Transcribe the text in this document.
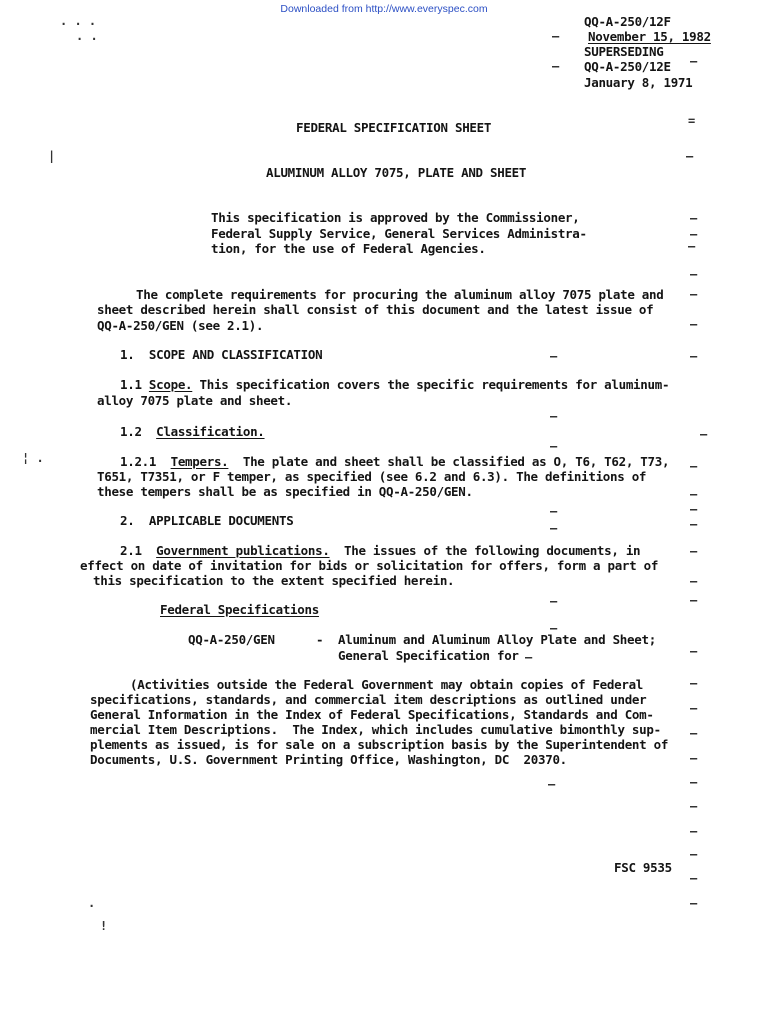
Downloaded from http://www.everyspec.com
QQ-A-250/12F
November 15, 1982
SUPERSEDING
QQ-A-250/12E
January 8, 1971
FEDERAL SPECIFICATION SHEET
ALUMINUM ALLOY 7075, PLATE AND SHEET
This specification is approved by the Commissioner,
Federal Supply Service, General Services Administra-
tion, for the use of Federal Agencies.
The complete requirements for procuring the aluminum alloy 7075 plate and
sheet described herein shall consist of this document and the latest issue of
QQ-A-250/GEN (see 2.1).
1.  SCOPE AND CLASSIFICATION
1.1 Scope. This specification covers the specific requirements for aluminum-
alloy 7075 plate and sheet.
1.2 Classification.
1.2.1 Tempers. The plate and sheet shall be classified as O, T6, T62, T73,
T651, T7351, or F temper, as specified (see 6.2 and 6.3). The definitions of
these tempers shall be as specified in QQ-A-250/GEN.
2.  APPLICABLE DOCUMENTS
2.1 Government publications. The issues of the following documents, in
effect on date of invitation for bids or solicitation for offers, form a part of
this specification to the extent specified herein.
Federal Specifications
QQ-A-250/GEN	- Aluminum and Aluminum Alloy Plate and Sheet;
General Specification for
(Activities outside the Federal Government may obtain copies of Federal
specifications, standards, and commercial item descriptions as outlined under
General Information in the Index of Federal Specifications, Standards and Com-
mercial Item Descriptions.  The Index, which includes cumulative bimonthly sup-
plements as issued, is for sale on a subscription basis by the Superintendent of
Documents, U.S. Government Printing Office, Washington, DC  20370.
FSC 9535
–
–	–
=
—
–
–
–
–
–
–
–	–
–
—
–
–
–
–	–
–	–
–
–
–
–
–
–
–
–
–
–
–
–
–
–
–
–
–
–
· · ·
· ·
|
¦ .
·
!
